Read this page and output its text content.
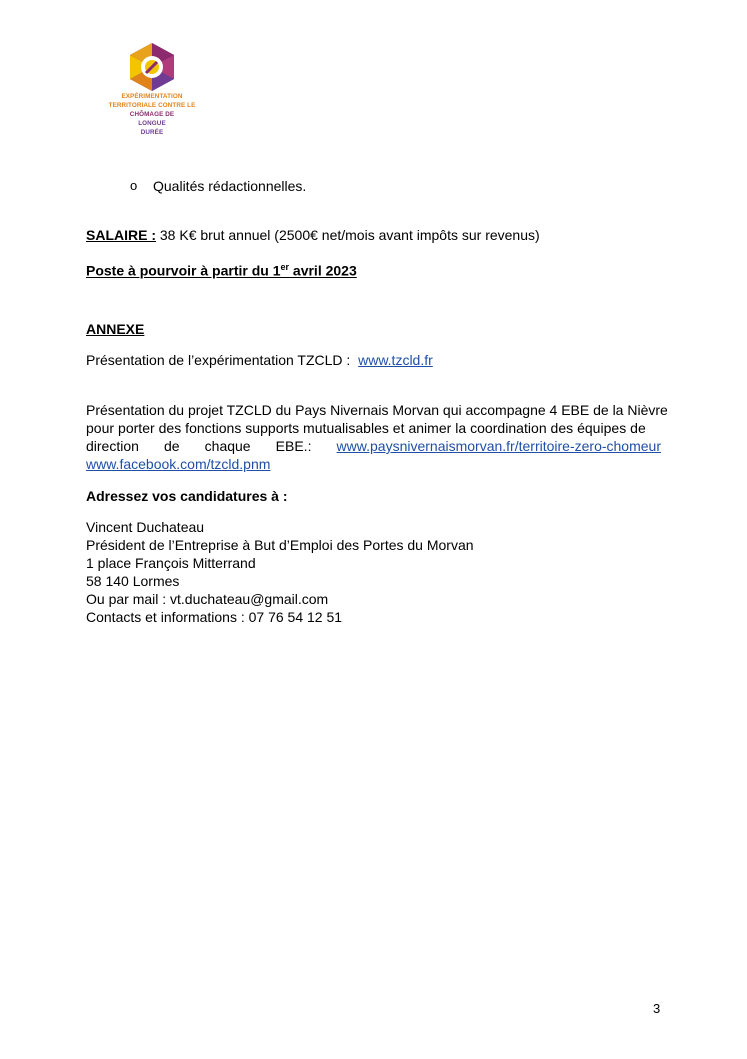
EXPÉRIMENTATION
TERRITORIALE CONTRE LE
CHÔMAGE DE
LONGUE
DURÉE
o Qualités rédactionnelles.
SALAIRE : 38 K€ brut annuel (2500€ net/mois avant impôts sur revenus)
Poste à pourvoir à partir du 1er avril 2023
ANNEXE
Présentation de l’expérimentation TZCLD : www.tzcld.fr
Présentation du projet TZCLD du Pays Nivernais Morvan qui accompagne 4 EBE de la Nièvre
pour porter des fonctions supports mutualisables et animer la coordination des équipes de
direction de chaque EBE.: www.paysnivernaismorvan.fr/territoire-zero-chomeur
www.facebook.com/tzcld.pnm
Adressez vos candidatures à :
Vincent Duchateau
Président de l’Entreprise à But d’Emploi des Portes du Morvan
1 place François Mitterrand
58 140 Lormes
Ou par mail : vt.duchateau@gmail.com
Contacts et informations : 07 76 54 12 51
3
